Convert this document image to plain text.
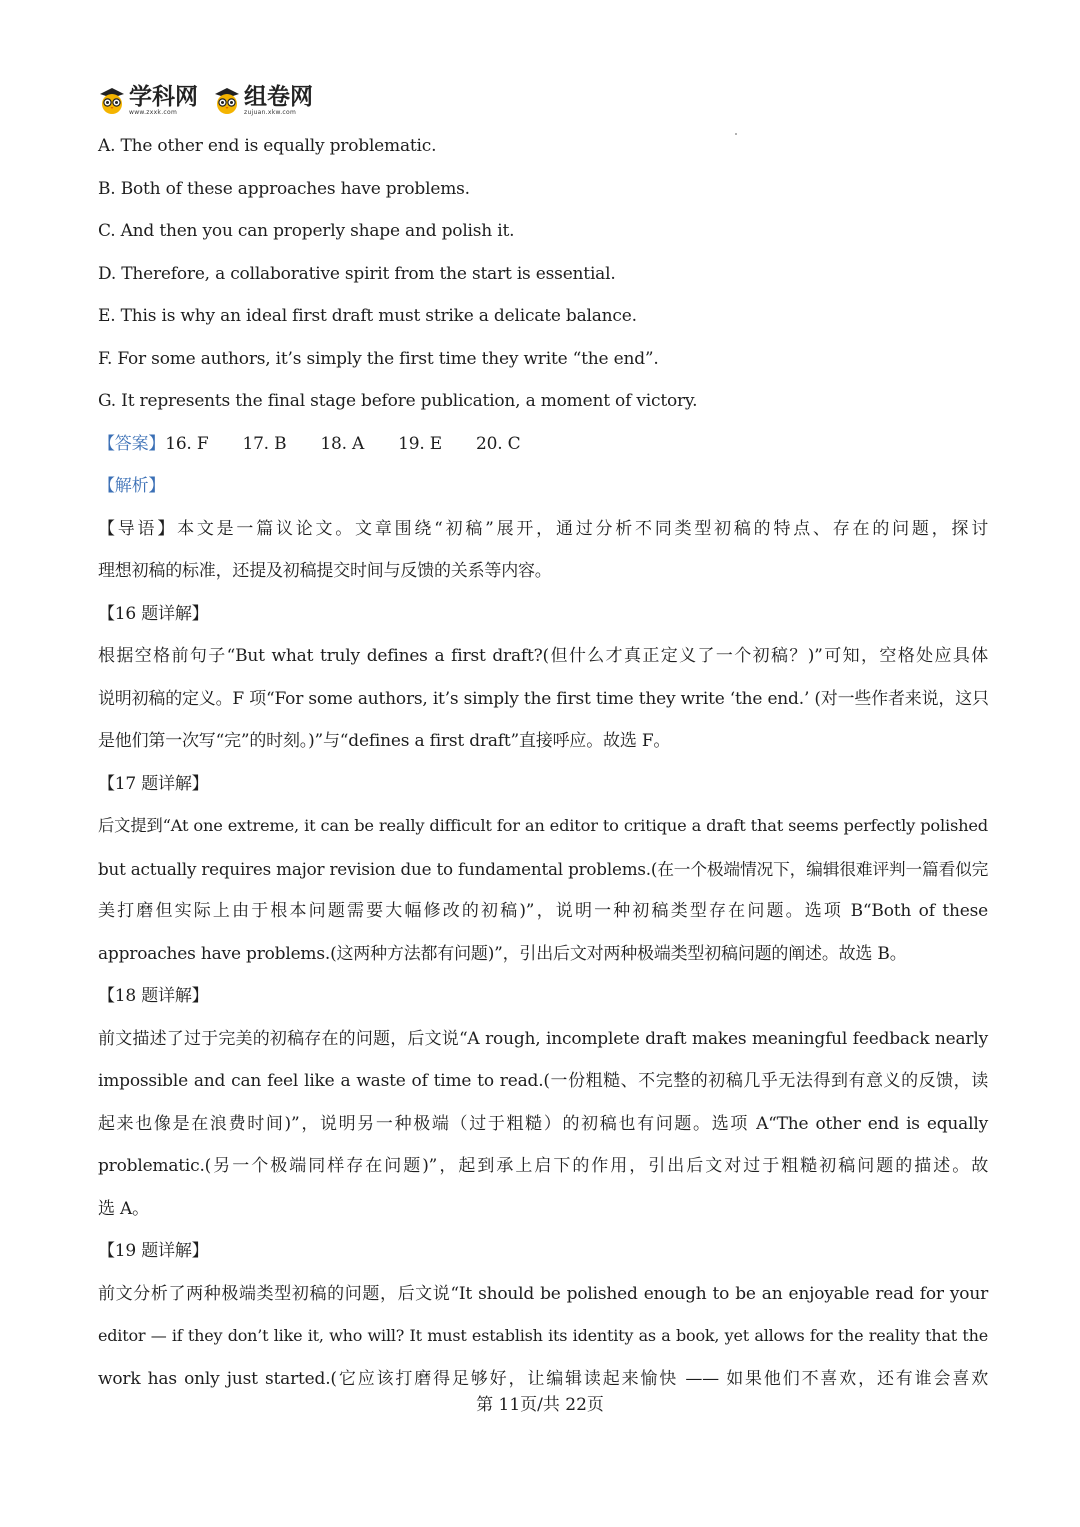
学科网
www.zxxk.com
组卷网
zujuan.xkw.com
A. The other end is equally problematic.
B. Both of these approaches have problems.
C. And then you can properly shape and polish it.
D. Therefore, a collaborative spirit from the start is essential.
E. This is why an ideal first draft must strike a delicate balance.
F. For some authors, it’s simply the first time they write “the end”.
G. It represents the final stage before publication, a moment of victory.
【答案】16. F 17. B 18. A 19. E 20. C
【解析】
【导语】本文是一篇议论文。文章围绕“初稿”展开，通过分析不同类型初稿的特点、存在的问题，探讨
理想初稿的标准，还提及初稿提交时间与反馈的关系等内容。
【16 题详解】
根据空格前句子“But what truly defines a first draft?(但什么才真正定义了一个初稿？)”可知，空格处应具体
说明初稿的定义。F 项“For some authors, it’s simply the first time they write ‘the end.’ (对一些作者来说，这只
是他们第一次写“完”的时刻。)”与“defines a first draft”直接呼应。故选 F。
【17 题详解】
后文提到“At one extreme, it can be really difficult for an editor to critique a draft that seems perfectly polished
but actually requires major revision due to fundamental problems.(在一个极端情况下，编辑很难评判一篇看似完
美打磨但实际上由于根本问题需要大幅修改的初稿)”，说明一种初稿类型存在问题。选项 B“Both of these
approaches have problems.(这两种方法都有问题)”，引出后文对两种极端类型初稿问题的阐述。故选 B。
【18 题详解】
前文描述了过于完美的初稿存在的问题，后文说“A rough, incomplete draft makes meaningful feedback nearly
impossible and can feel like a waste of time to read.(一份粗糙、不完整的初稿几乎无法得到有意义的反馈，读
起来也像是在浪费时间)”，说明另一种极端（过于粗糙）的初稿也有问题。选项 A“The other end is equally
problematic.(另一个极端同样存在问题)”，起到承上启下的作用，引出后文对过于粗糙初稿问题的描述。故
选 A。
【19 题详解】
前文分析了两种极端类型初稿的问题，后文说“It should be polished enough to be an enjoyable read for your
editor — if they don’t like it, who will? It must establish its identity as a book, yet allows for the reality that the
work has only just started.(它应该打磨得足够好，让编辑读起来愉快 —— 如果他们不喜欢，还有谁会喜欢
第 11页/共 22页
